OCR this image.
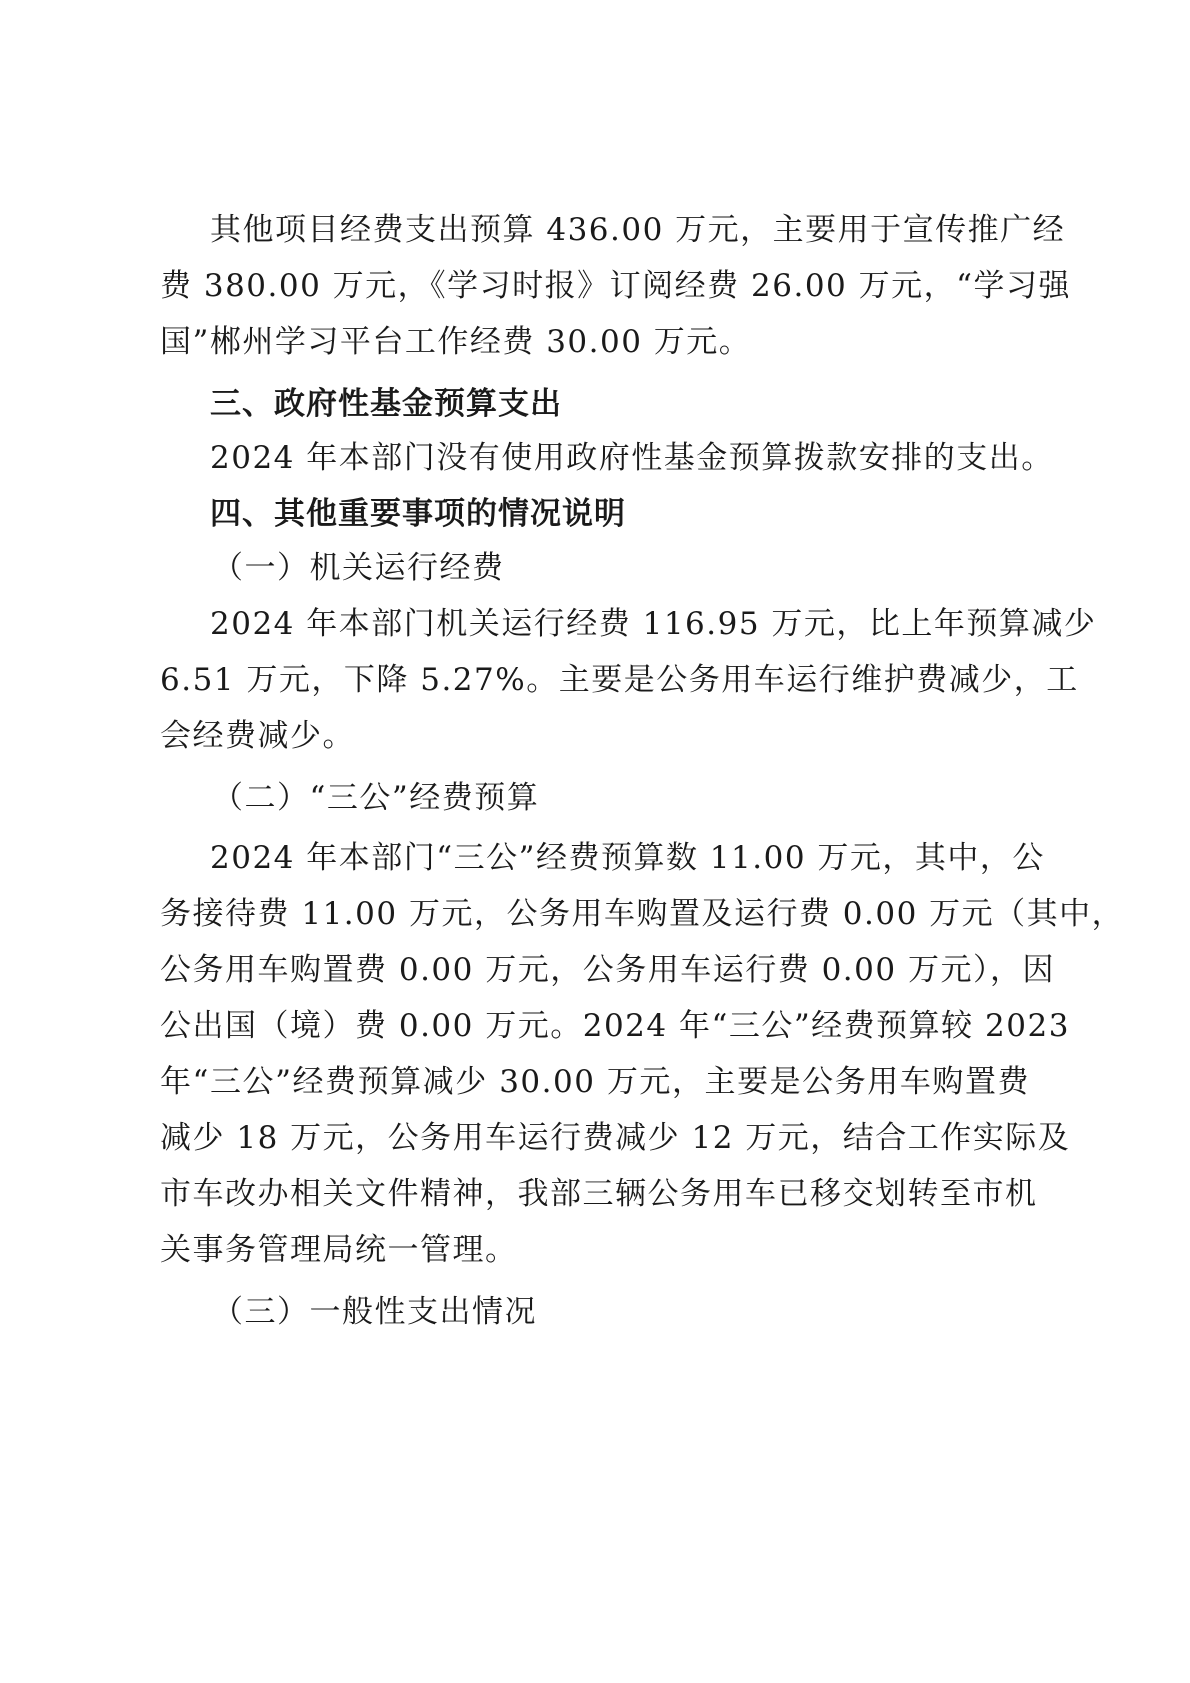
其他项目经费支出预算 436.00 万元，主要用于宣传推广经
费 380.00 万元，《学习时报》订阅经费 26.00 万元，“学习强
国”郴州学习平台工作经费 30.00 万元。
三、政府性基金预算支出
2024 年本部门没有使用政府性基金预算拨款安排的支出。
四、其他重要事项的情况说明
（一）机关运行经费
2024 年本部门机关运行经费 116.95 万元，比上年预算减少
6.51 万元，下降 5.27%。主要是公务用车运行维护费减少，工
会经费减少。
（二）“三公”经费预算
2024 年本部门“三公”经费预算数 11.00 万元，其中，公
务接待费 11.00 万元，公务用车购置及运行费 0.00 万元（其中，
公务用车购置费 0.00 万元，公务用车运行费 0.00 万元），因
公出国（境）费 0.00 万元。2024 年“三公”经费预算较 2023
年“三公”经费预算减少 30.00 万元，主要是公务用车购置费
减少 18 万元，公务用车运行费减少 12 万元，结合工作实际及
市车改办相关文件精神，我部三辆公务用车已移交划转至市机
关事务管理局统一管理。
（三）一般性支出情况
